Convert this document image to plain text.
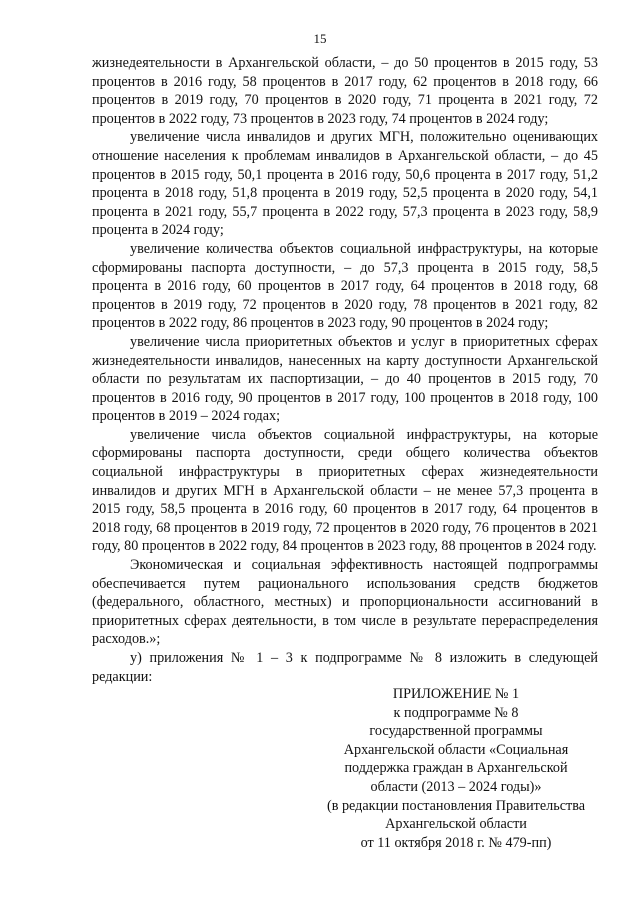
15

жизнедеятельности в Архангельской области, – до 50 процентов в 2015 году, 53 процентов в 2016 году, 58 процентов в 2017 году, 62 процентов в 2018 году, 66 процентов в 2019 году, 70 процентов в 2020 году, 71 процента в 2021 году, 72 процентов в 2022 году, 73 процентов в 2023 году, 74 процентов в 2024 году;

увеличение числа инвалидов и других МГН, положительно оценивающих отношение населения к проблемам инвалидов в Архангельской области, – до 45 процентов в 2015 году, 50,1 процента в 2016 году, 50,6 процента в 2017 году, 51,2 процента в 2018 году, 51,8 процента в 2019 году, 52,5 процента в 2020 году, 54,1 процента в 2021 году, 55,7 процента в 2022 году, 57,3 процента в 2023 году, 58,9 процента в 2024 году;

увеличение количества объектов социальной инфраструктуры, на которые сформированы паспорта доступности, – до 57,3 процента в 2015 году, 58,5 процента в 2016 году, 60 процентов в 2017 году, 64 процентов в 2018 году, 68 процентов в 2019 году, 72 процентов в 2020 году, 78 процентов в 2021 году, 82 процентов в 2022 году, 86 процентов в 2023 году, 90 процентов в 2024 году;

увеличение числа приоритетных объектов и услуг в приоритетных сферах жизнедеятельности инвалидов, нанесенных на карту доступности Архангельской области по результатам их паспортизации, – до 40 процентов в 2015 году, 70 процентов в 2016 году, 90 процентов в 2017 году, 100 процентов в 2018 году, 100 процентов в 2019 – 2024 годах;

увеличение числа объектов социальной инфраструктуры, на которые сформированы паспорта доступности, среди общего количества объектов социальной инфраструктуры в приоритетных сферах жизнедеятельности инвалидов и других МГН в Архангельской области – не менее 57,3 процента в 2015 году, 58,5 процента в 2016 году, 60 процентов в 2017 году, 64 процентов в 2018 году, 68 процентов в 2019 году, 72 процентов в 2020 году, 76 процентов в 2021 году, 80 процентов в 2022 году, 84 процентов в 2023 году, 88 процентов в 2024 году.

Экономическая и социальная эффективность настоящей подпрограммы обеспечивается путем рационального использования средств бюджетов (федерального, областного, местных) и пропорциональности ассигнований в приоритетных сферах деятельности, в том числе в результате перераспределения расходов.»;

у) приложения № 1 – 3 к подпрограмме № 8 изложить в следующей редакции:

ПРИЛОЖЕНИЕ № 1
к подпрограмме № 8
государственной программы
Архангельской области «Социальная
поддержка граждан в Архангельской
области (2013 – 2024 годы)»
(в редакции постановления Правительства
Архангельской области
от 11 октября 2018 г. № 479-пп)
